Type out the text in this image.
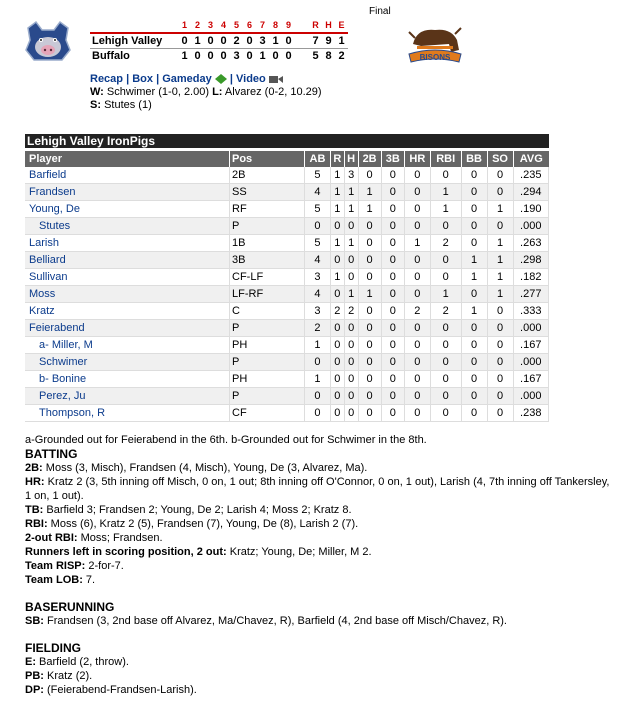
BISONS
Final
	1	2	3	4	5	6	7	8	9		R	H	E
Lehigh Valley	0	1	0	0	2	0	3	1	0		7	9	1
Buffalo	1	0	0	0	3	0	1	0	0		5	8	2
Recap | Box | Gameday | Video
W: Schwimer (1-0, 2.00) L: Alvarez (0-2, 10.29)
S: Stutes (1)
Lehigh Valley IronPigs
Player	Pos	AB	R	H	2B	3B	HR	RBI	BB	SO	AVG
Barfield	2B	5	1	3	0	0	0	0	0	0	.235
Frandsen	SS	4	1	1	1	0	0	1	0	0	.294
Young, De	RF	5	1	1	1	0	0	1	0	1	.190
Stutes	P	0	0	0	0	0	0	0	0	0	.000
Larish	1B	5	1	1	0	0	1	2	0	1	.263
Belliard	3B	4	0	0	0	0	0	0	1	1	.298
Sullivan	CF-LF	3	1	0	0	0	0	0	1	1	.182
Moss	LF-RF	4	0	1	1	0	0	1	0	1	.277
Kratz	C	3	2	2	0	0	2	2	1	0	.333
Feierabend	P	2	0	0	0	0	0	0	0	0	.000
a- Miller, M	PH	1	0	0	0	0	0	0	0	0	.167
Schwimer	P	0	0	0	0	0	0	0	0	0	.000
b- Bonine	PH	1	0	0	0	0	0	0	0	0	.167
Perez, Ju	P	0	0	0	0	0	0	0	0	0	.000
Thompson, R	CF	0	0	0	0	0	0	0	0	0	.238

a-Grounded out for Feierabend in the 6th. b-Grounded out for Schwimer in the 8th.

BATTING

2B: Moss (3, Misch), Frandsen (4, Misch), Young, De (3, Alvarez, Ma).

HR: Kratz 2 (3, 5th inning off Misch, 0 on, 1 out; 8th inning off O'Connor, 0 on, 1 out), Larish (4, 7th inning off Tankersley, 1 on, 1 out).

TB: Barfield 3; Frandsen 2; Young, De 2; Larish 4; Moss 2; Kratz 8.

RBI: Moss (6), Kratz 2 (5), Frandsen (7), Young, De (8), Larish 2 (7).

2-out RBI: Moss; Frandsen.

Runners left in scoring position, 2 out: Kratz; Young, De; Miller, M 2.

Team RISP: 2-for-7.

Team LOB: 7.

BASERUNNING

SB: Frandsen (3, 2nd base off Alvarez, Ma/Chavez, R), Barfield (4, 2nd base off Misch/Chavez, R).

FIELDING

E: Barfield (2, throw).

PB: Kratz (2).

DP: (Feierabend-Frandsen-Larish).
